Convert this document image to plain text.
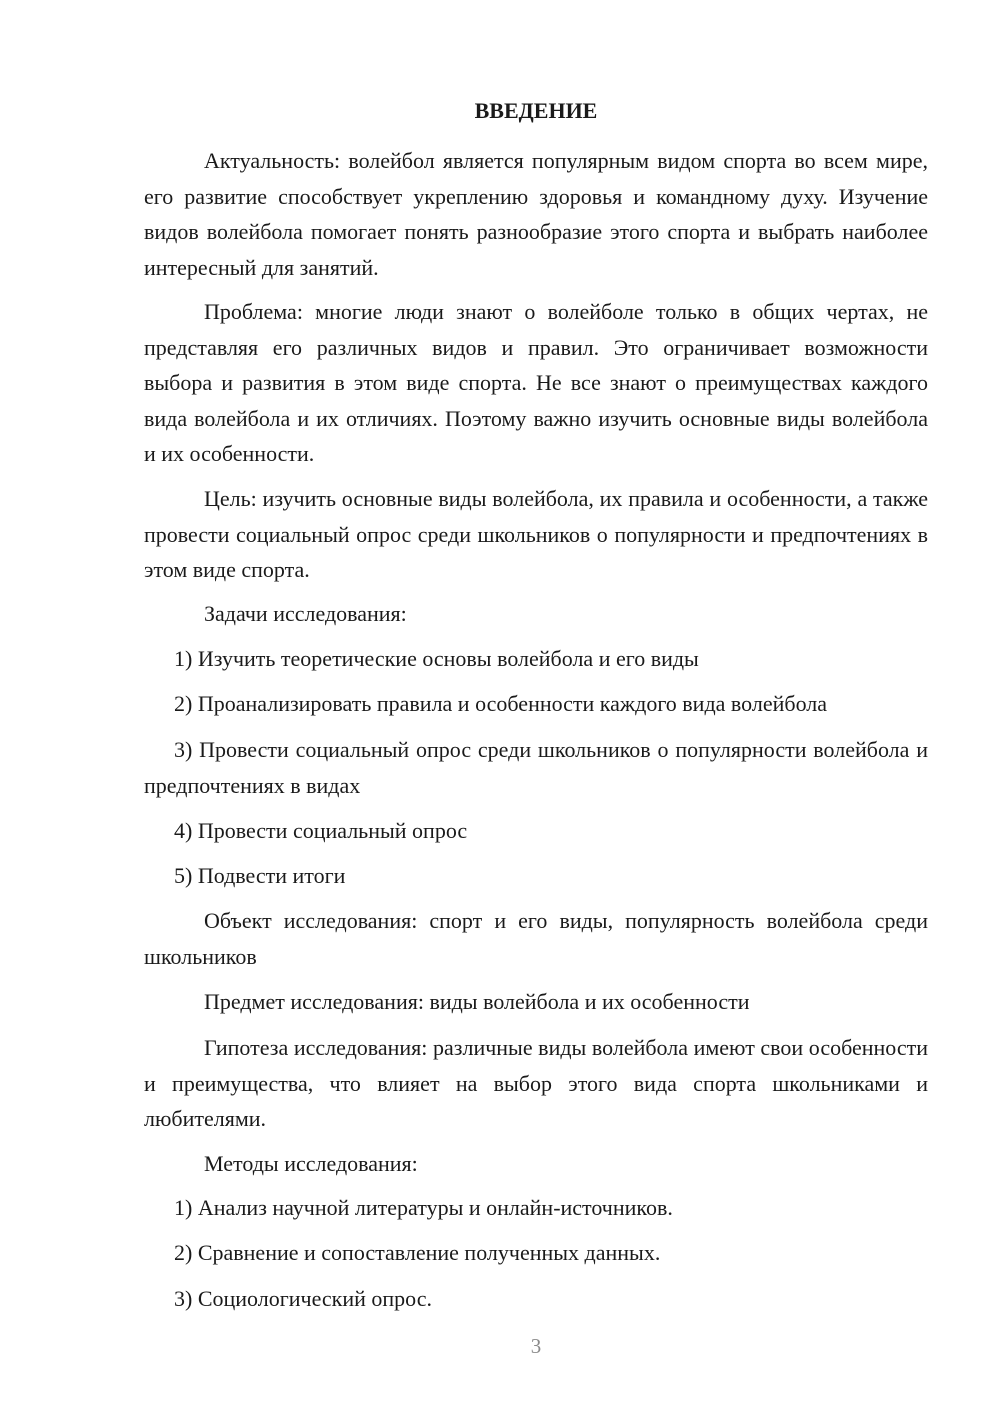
ВВЕДЕНИЕ
Актуальность: волейбол является популярным видом спорта во всем мире, его развитие способствует укреплению здоровья и командному духу. Изучение видов волейбола помогает понять разнообразие этого спорта и выбрать наиболее интересный для занятий.
Проблема: многие люди знают о волейболе только в общих чертах, не представляя его различных видов и правил. Это ограничивает возможности выбора и развития в этом виде спорта. Не все знают о преимуществах каждого вида волейбола и их отличиях. Поэтому важно изучить основные виды волейбола и их особенности.
Цель: изучить основные виды волейбола, их правила и особенности, а также провести социальный опрос среди школьников о популярности и предпочтениях в этом виде спорта.
Задачи исследования:
1) Изучить теоретические основы волейбола и его виды
2) Проанализировать правила и особенности каждого вида волейбола
3) Провести социальный опрос среди школьников о популярности волейбола и предпочтениях в видах
4) Провести социальный опрос
5) Подвести итоги
Объект исследования: спорт и его виды, популярность волейбола среди школьников
Предмет исследования: виды волейбола и их особенности
Гипотеза исследования: различные виды волейбола имеют свои особенности и преимущества, что влияет на выбор этого вида спорта школьниками и любителями.
Методы исследования:
1) Анализ научной литературы и онлайн-источников.
2) Сравнение и сопоставление полученных данных.
3) Социологический опрос.
3
